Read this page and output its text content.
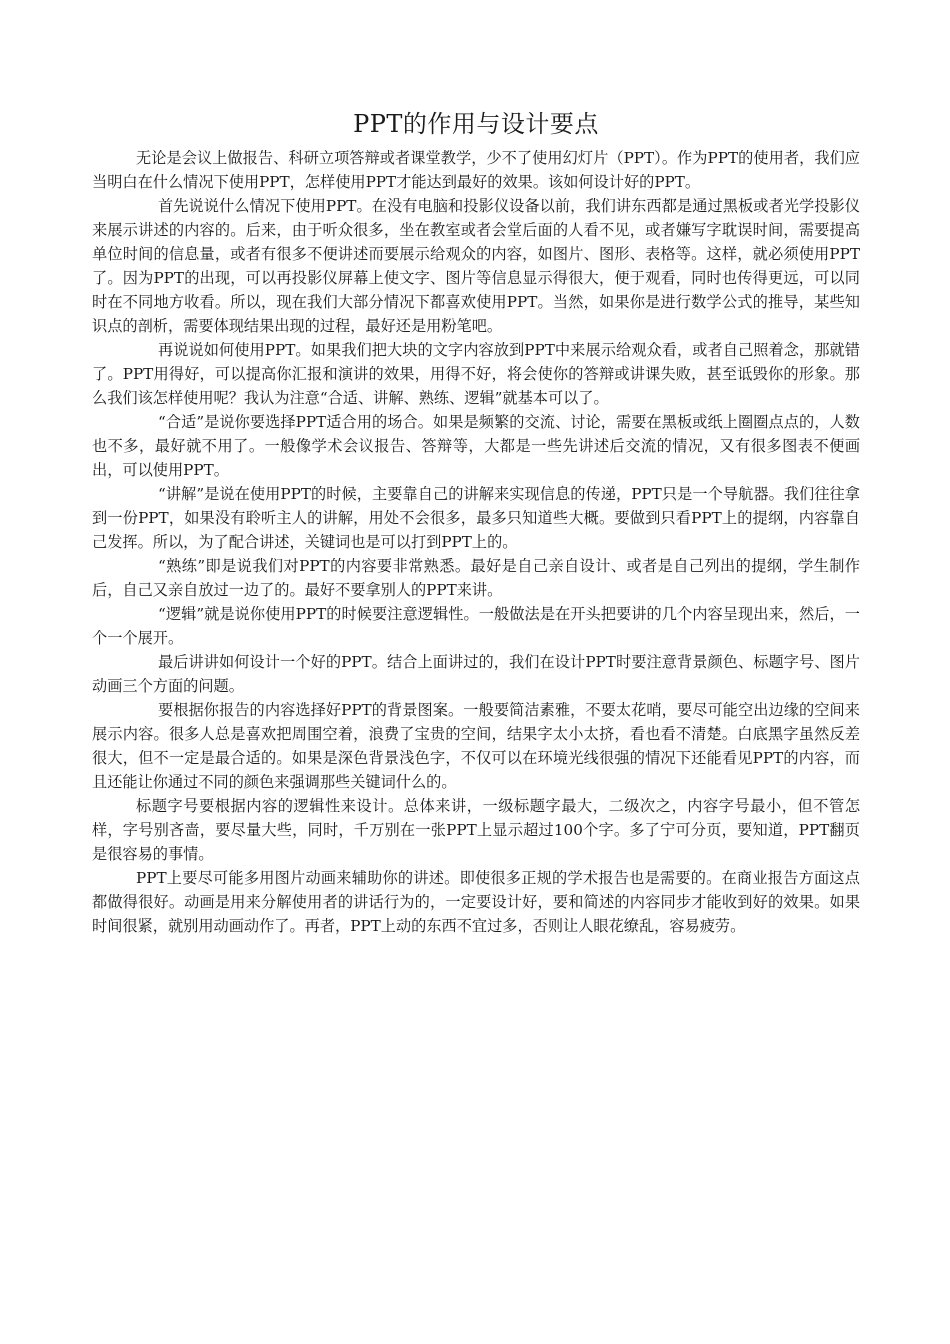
PPT的作用与设计要点

无论是会议上做报告、科研立项答辩或者课堂教学，少不了使用幻灯片（PPT）。作为PPT的使用者，我们应当明白在什么情况下使用PPT，怎样使用PPT才能达到最好的效果。该如何设计好的PPT。

首先说说什么情况下使用PPT。在没有电脑和投影仪设备以前，我们讲东西都是通过黑板或者光学投影仪来展示讲述的内容的。后来，由于听众很多，坐在教室或者会堂后面的人看不见，或者嫌写字耽误时间，需要提高单位时间的信息量，或者有很多不便讲述而要展示给观众的内容，如图片、图形、表格等。这样，就必须使用PPT了。因为PPT的出现，可以再投影仪屏幕上使文字、图片等信息显示得很大，便于观看，同时也传得更远，可以同时在不同地方收看。所以，现在我们大部分情况下都喜欢使用PPT。当然，如果你是进行数学公式的推导，某些知识点的剖析，需要体现结果出现的过程，最好还是用粉笔吧。

再说说如何使用PPT。如果我们把大块的文字内容放到PPT中来展示给观众看，或者自己照着念，那就错了。PPT用得好，可以提高你汇报和演讲的效果，用得不好，将会使你的答辩或讲课失败，甚至诋毁你的形象。那么我们该怎样使用呢？我认为注意“合适、讲解、熟练、逻辑”就基本可以了。

“合适”是说你要选择PPT适合用的场合。如果是频繁的交流、讨论，需要在黑板或纸上圈圈点点的，人数也不多，最好就不用了。一般像学术会议报告、答辩等，大都是一些先讲述后交流的情况，又有很多图表不便画出，可以使用PPT。

“讲解”是说在使用PPT的时候，主要靠自己的讲解来实现信息的传递，PPT只是一个导航器。我们往往拿到一份PPT，如果没有聆听主人的讲解，用处不会很多，最多只知道些大概。要做到只看PPT上的提纲，内容靠自己发挥。所以，为了配合讲述，关键词也是可以打到PPT上的。

“熟练”即是说我们对PPT的内容要非常熟悉。最好是自己亲自设计、或者是自己列出的提纲，学生制作后，自己又亲自放过一边了的。最好不要拿别人的PPT来讲。

“逻辑”就是说你使用PPT的时候要注意逻辑性。一般做法是在开头把要讲的几个内容呈现出来，然后，一个一个展开。

最后讲讲如何设计一个好的PPT。结合上面讲过的，我们在设计PPT时要注意背景颜色、标题字号、图片动画三个方面的问题。

要根据你报告的内容选择好PPT的背景图案。一般要简洁素雅，不要太花哨，要尽可能空出边缘的空间来展示内容。很多人总是喜欢把周围空着，浪费了宝贵的空间，结果字太小太挤，看也看不清楚。白底黑字虽然反差很大，但不一定是最合适的。如果是深色背景浅色字，不仅可以在环境光线很强的情况下还能看见PPT的内容，而且还能让你通过不同的颜色来强调那些关键词什么的。

标题字号要根据内容的逻辑性来设计。总体来讲，一级标题字最大，二级次之，内容字号最小，但不管怎样，字号别吝啬，要尽量大些，同时，千万别在一张PPT上显示超过100个字。多了宁可分页，要知道，PPT翻页是很容易的事情。

PPT上要尽可能多用图片动画来辅助你的讲述。即使很多正规的学术报告也是需要的。在商业报告方面这点都做得很好。动画是用来分解使用者的讲话行为的，一定要设计好，要和简述的内容同步才能收到好的效果。如果时间很紧，就别用动画动作了。再者，PPT上动的东西不宜过多，否则让人眼花缭乱，容易疲劳。
